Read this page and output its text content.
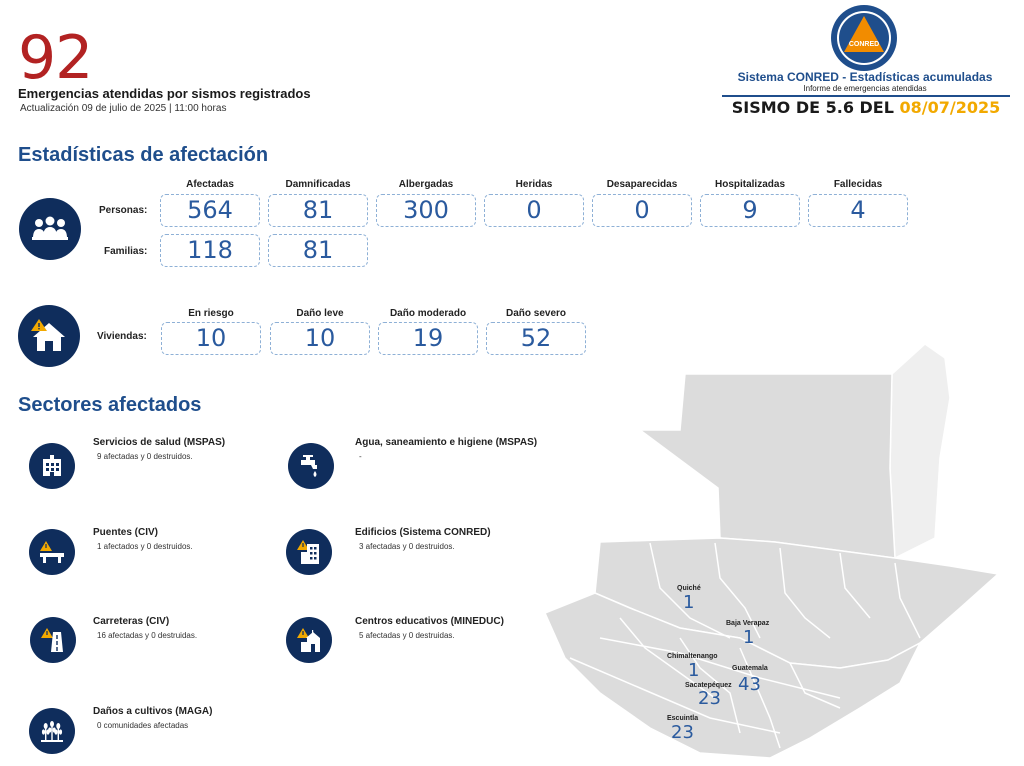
92
Emergencias atendidas por sismos registrados
Actualización 09 de julio de 2025 | 11:00 horas
CONRED
Sistema CONRED - Estadísticas acumuladas
Informe de emergencias atendidas
SISMO DE 5.6 DEL 08/07/2025
Estadísticas de afectación
Personas:
Familias:
Afectadas	Damnificadas	Albergadas	Heridas	Desaparecidas	Hospitalizadas	Fallecidas
564	81	300	0	0	9	4
118	81
Viviendas:
En riesgo	Daño leve	Daño moderado	Daño severo
10	10	19	52
Quiché
1
Baja Verapaz
1
Chimaltenango
1	Guatemala
43
Sacatepéquez
23
Escuintla
23
Sectores afectados
Servicios de salud (MSPAS)
9 afectadas y 0 destruidos.
Agua, saneamiento e higiene (MSPAS)
-
Puentes (CIV)
1 afectados y 0 destruidos.
Edificios (Sistema CONRED)
3 afectadas y 0 destruidos.
Carreteras (CIV)
16 afectadas y 0 destruidas.
Centros educativos (MINEDUC)
5 afectadas y 0 destruidas.
Daños a cultivos (MAGA)
0 comunidades afectadas
